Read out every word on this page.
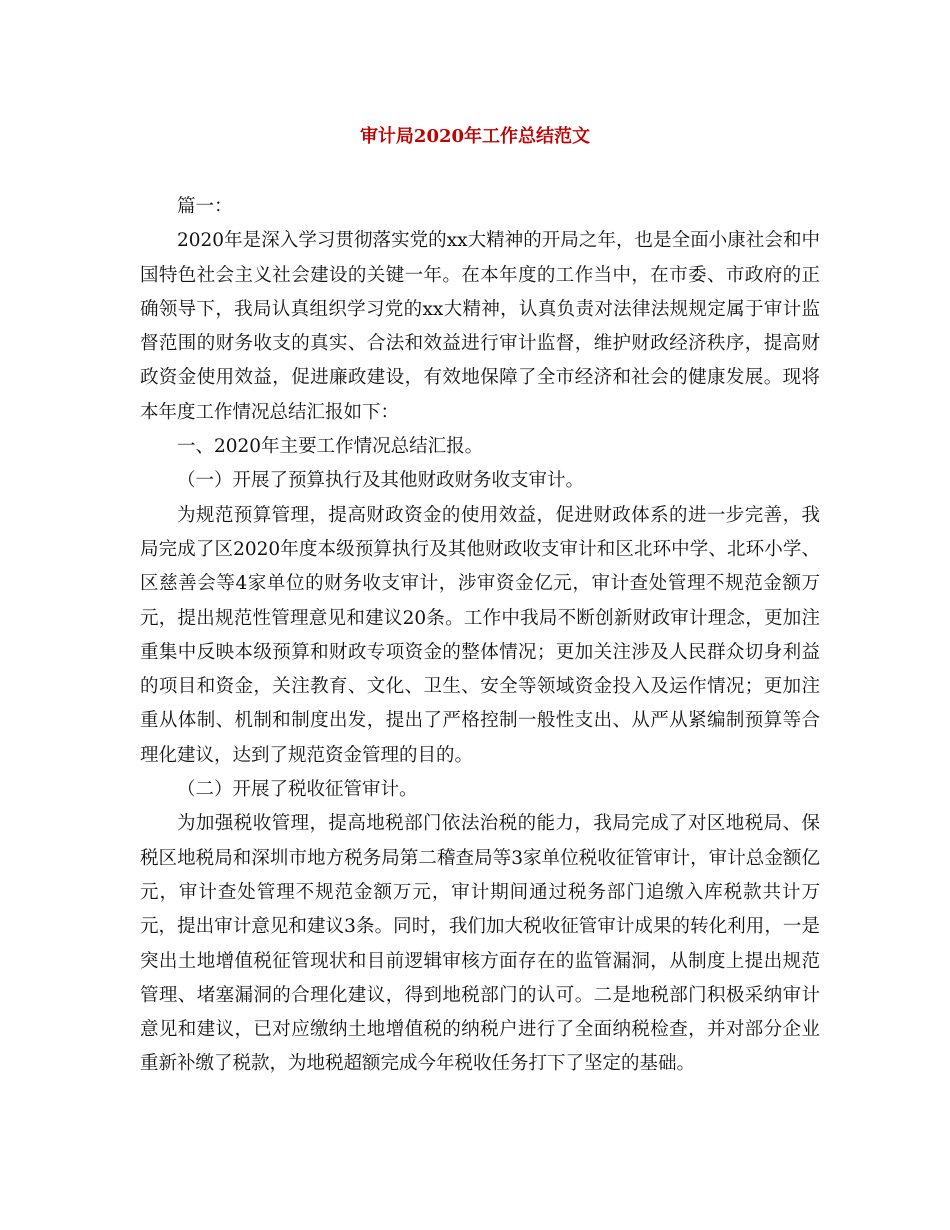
审计局2020年工作总结范文

篇一：

2020年是深入学习贯彻落实党的xx大精神的开局之年，也是全面小康社会和中国特色社会主义社会建设的关键一年。在本年度的工作当中，在市委、市政府的正确领导下，我局认真组织学习党的xx大精神，认真负责对法律法规规定属于审计监督范围的财务收支的真实、合法和效益进行审计监督，维护财政经济秩序，提高财政资金使用效益，促进廉政建设，有效地保障了全市经济和社会的健康发展。现将本年度工作情况总结汇报如下：

一、2020年主要工作情况总结汇报。

（一）开展了预算执行及其他财政财务收支审计。

为规范预算管理，提高财政资金的使用效益，促进财政体系的进一步完善，我局完成了区2020年度本级预算执行及其他财政收支审计和区北环中学、北环小学、区慈善会等4家单位的财务收支审计，涉审资金亿元，审计查处管理不规范金额万元，提出规范性管理意见和建议20条。工作中我局不断创新财政审计理念，更加注重集中反映本级预算和财政专项资金的整体情况；更加关注涉及人民群众切身利益的项目和资金，关注教育、文化、卫生、安全等领域资金投入及运作情况；更加注重从体制、机制和制度出发，提出了严格控制一般性支出、从严从紧编制预算等合理化建议，达到了规范资金管理的目的。

（二）开展了税收征管审计。

为加强税收管理，提高地税部门依法治税的能力，我局完成了对区地税局、保税区地税局和深圳市地方税务局第二稽查局等3家单位税收征管审计，审计总金额亿元，审计查处管理不规范金额万元，审计期间通过税务部门追缴入库税款共计万元，提出审计意见和建议3条。同时，我们加大税收征管审计成果的转化利用，一是突出土地增值税征管现状和目前逻辑审核方面存在的监管漏洞，从制度上提出规范管理、堵塞漏洞的合理化建议，得到地税部门的认可。二是地税部门积极采纳审计意见和建议，已对应缴纳土地增值税的纳税户进行了全面纳税检查，并对部分企业重新补缴了税款，为地税超额完成今年税收任务打下了坚定的基础。
